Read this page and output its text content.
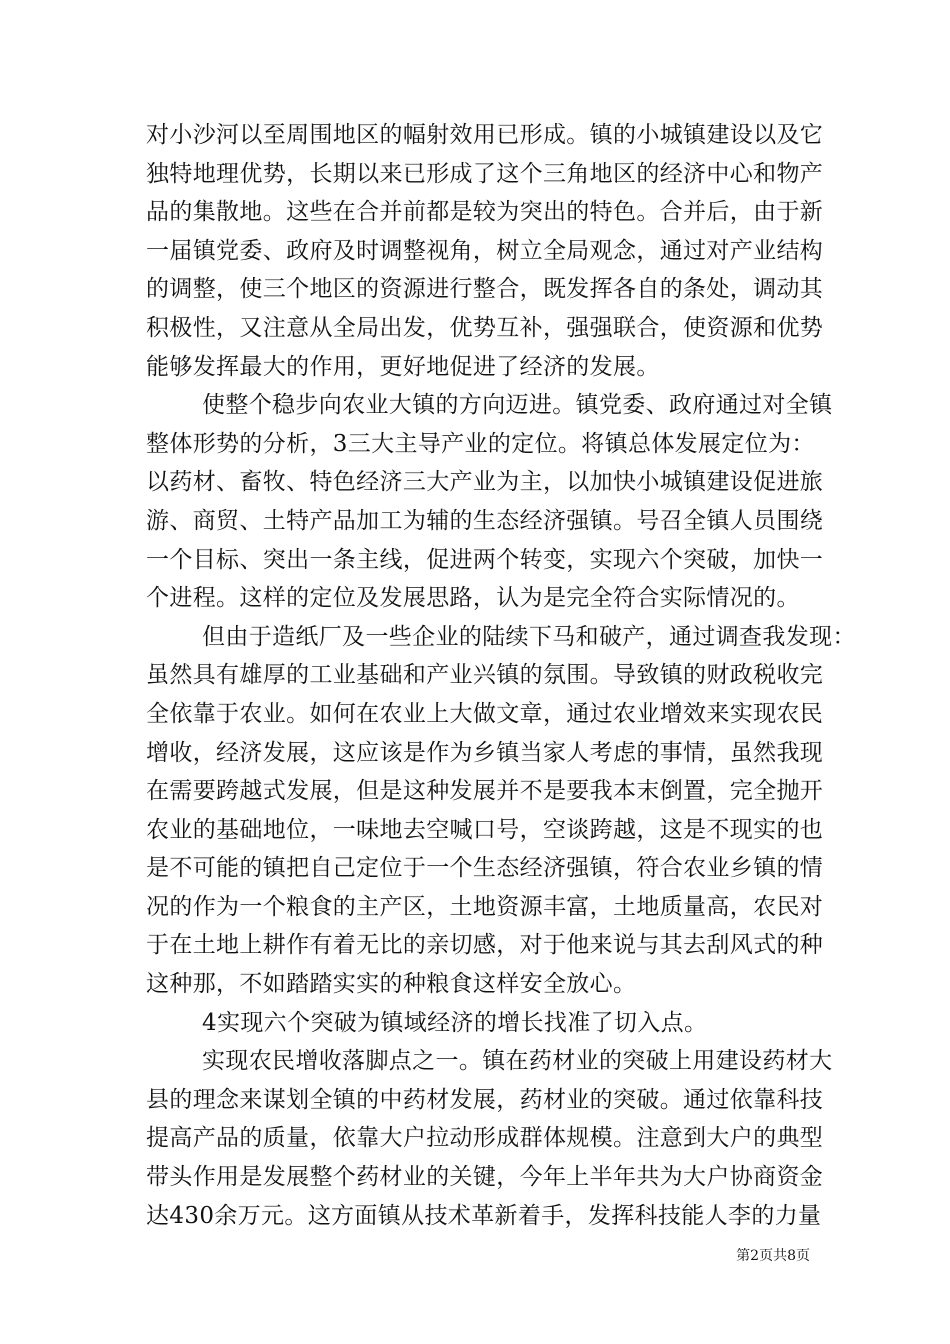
对小沙河以至周围地区的幅射效用已形成。镇的小城镇建设以及它
独特地理优势，长期以来已形成了这个三角地区的经济中心和物产
品的集散地。这些在合并前都是较为突出的特色。合并后，由于新
一届镇党委、政府及时调整视角，树立全局观念，通过对产业结构
的调整，使三个地区的资源进行整合，既发挥各自的条处，调动其
积极性，又注意从全局出发，优势互补，强强联合，使资源和优势
能够发挥最大的作用，更好地促进了经济的发展。
使整个稳步向农业大镇的方向迈进。镇党委、政府通过对全镇
整体形势的分析，3三大主导产业的定位。将镇总体发展定位为：
以药材、畜牧、特色经济三大产业为主，以加快小城镇建设促进旅
游、商贸、土特产品加工为辅的生态经济强镇。号召全镇人员围绕
一个目标、突出一条主线，促进两个转变，实现六个突破，加快一
个进程。这样的定位及发展思路，认为是完全符合实际情况的。
但由于造纸厂及一些企业的陆续下马和破产，通过调查我发现：
虽然具有雄厚的工业基础和产业兴镇的氛围。导致镇的财政税收完
全依靠于农业。如何在农业上大做文章，通过农业增效来实现农民
增收，经济发展，这应该是作为乡镇当家人考虑的事情，虽然我现
在需要跨越式发展，但是这种发展并不是要我本末倒置，完全抛开
农业的基础地位，一味地去空喊口号，空谈跨越，这是不现实的也
是不可能的镇把自己定位于一个生态经济强镇，符合农业乡镇的情
况的作为一个粮食的主产区，土地资源丰富，土地质量高，农民对
于在土地上耕作有着无比的亲切感，对于他来说与其去刮风式的种
这种那，不如踏踏实实的种粮食这样安全放心。
4实现六个突破为镇域经济的增长找准了切入点。
实现农民增收落脚点之一。镇在药材业的突破上用建设药材大
县的理念来谋划全镇的中药材发展，药材业的突破。通过依靠科技
提高产品的质量，依靠大户拉动形成群体规模。注意到大户的典型
带头作用是发展整个药材业的关键，今年上半年共为大户协商资金
达430余万元。这方面镇从技术革新着手，发挥科技能人李的力量
第2页共8页
